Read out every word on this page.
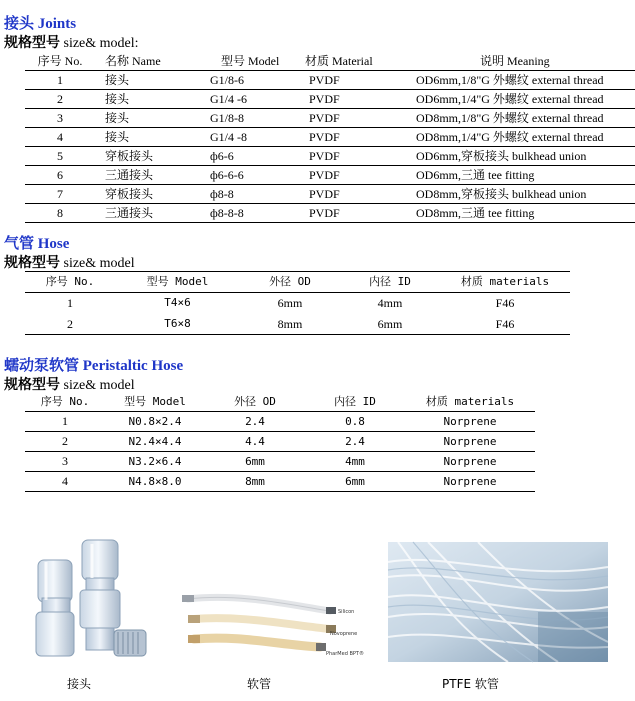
接头 Joints
规格型号 size& model:
序号 No.	名称 Name	型号 Model	材质 Material	说明 Meaning
1	接头	G1/8-6	PVDF	OD6mm,1/8"G 外螺纹 external thread
2	接头	G1/4 -6	PVDF	OD6mm,1/4"G 外螺纹 external thread
3	接头	G1/8-8	PVDF	OD8mm,1/8"G 外螺纹 external thread
4	接头	G1/4 -8	PVDF	OD8mm,1/4"G 外螺纹 external thread
5	穿板接头	ф6-6	PVDF	OD6mm,穿板接头 bulkhead union
6	三通接头	ф6-6-6	PVDF	OD6mm,三通 tee fitting
7	穿板接头	ф8-8	PVDF	OD8mm,穿板接头 bulkhead union
8	三通接头	ф8-8-8	PVDF	OD8mm,三通 tee fitting
气管 Hose
规格型号 size& model
序号 No.	型号 Model	外径 OD	内径 ID	材质 materials
1	T4×6	6mm	4mm	F46
2	T6×8	8mm	6mm	F46
蠕动泵软管 Peristaltic Hose
规格型号 size& model
序号 No.	型号 Model	外径 OD	内径 ID	材质 materials
1	N0.8×2.4	2.4	0.8	Norprene
2	N2.4×4.4	4.4	2.4	Norprene
3	N3.2×6.4	6mm	4mm	Norprene
4	N4.8×8.0	8mm	6mm	Norprene
Silicon
Novoprene
PharMed BPT®
接头	软管	PTFE 软管
